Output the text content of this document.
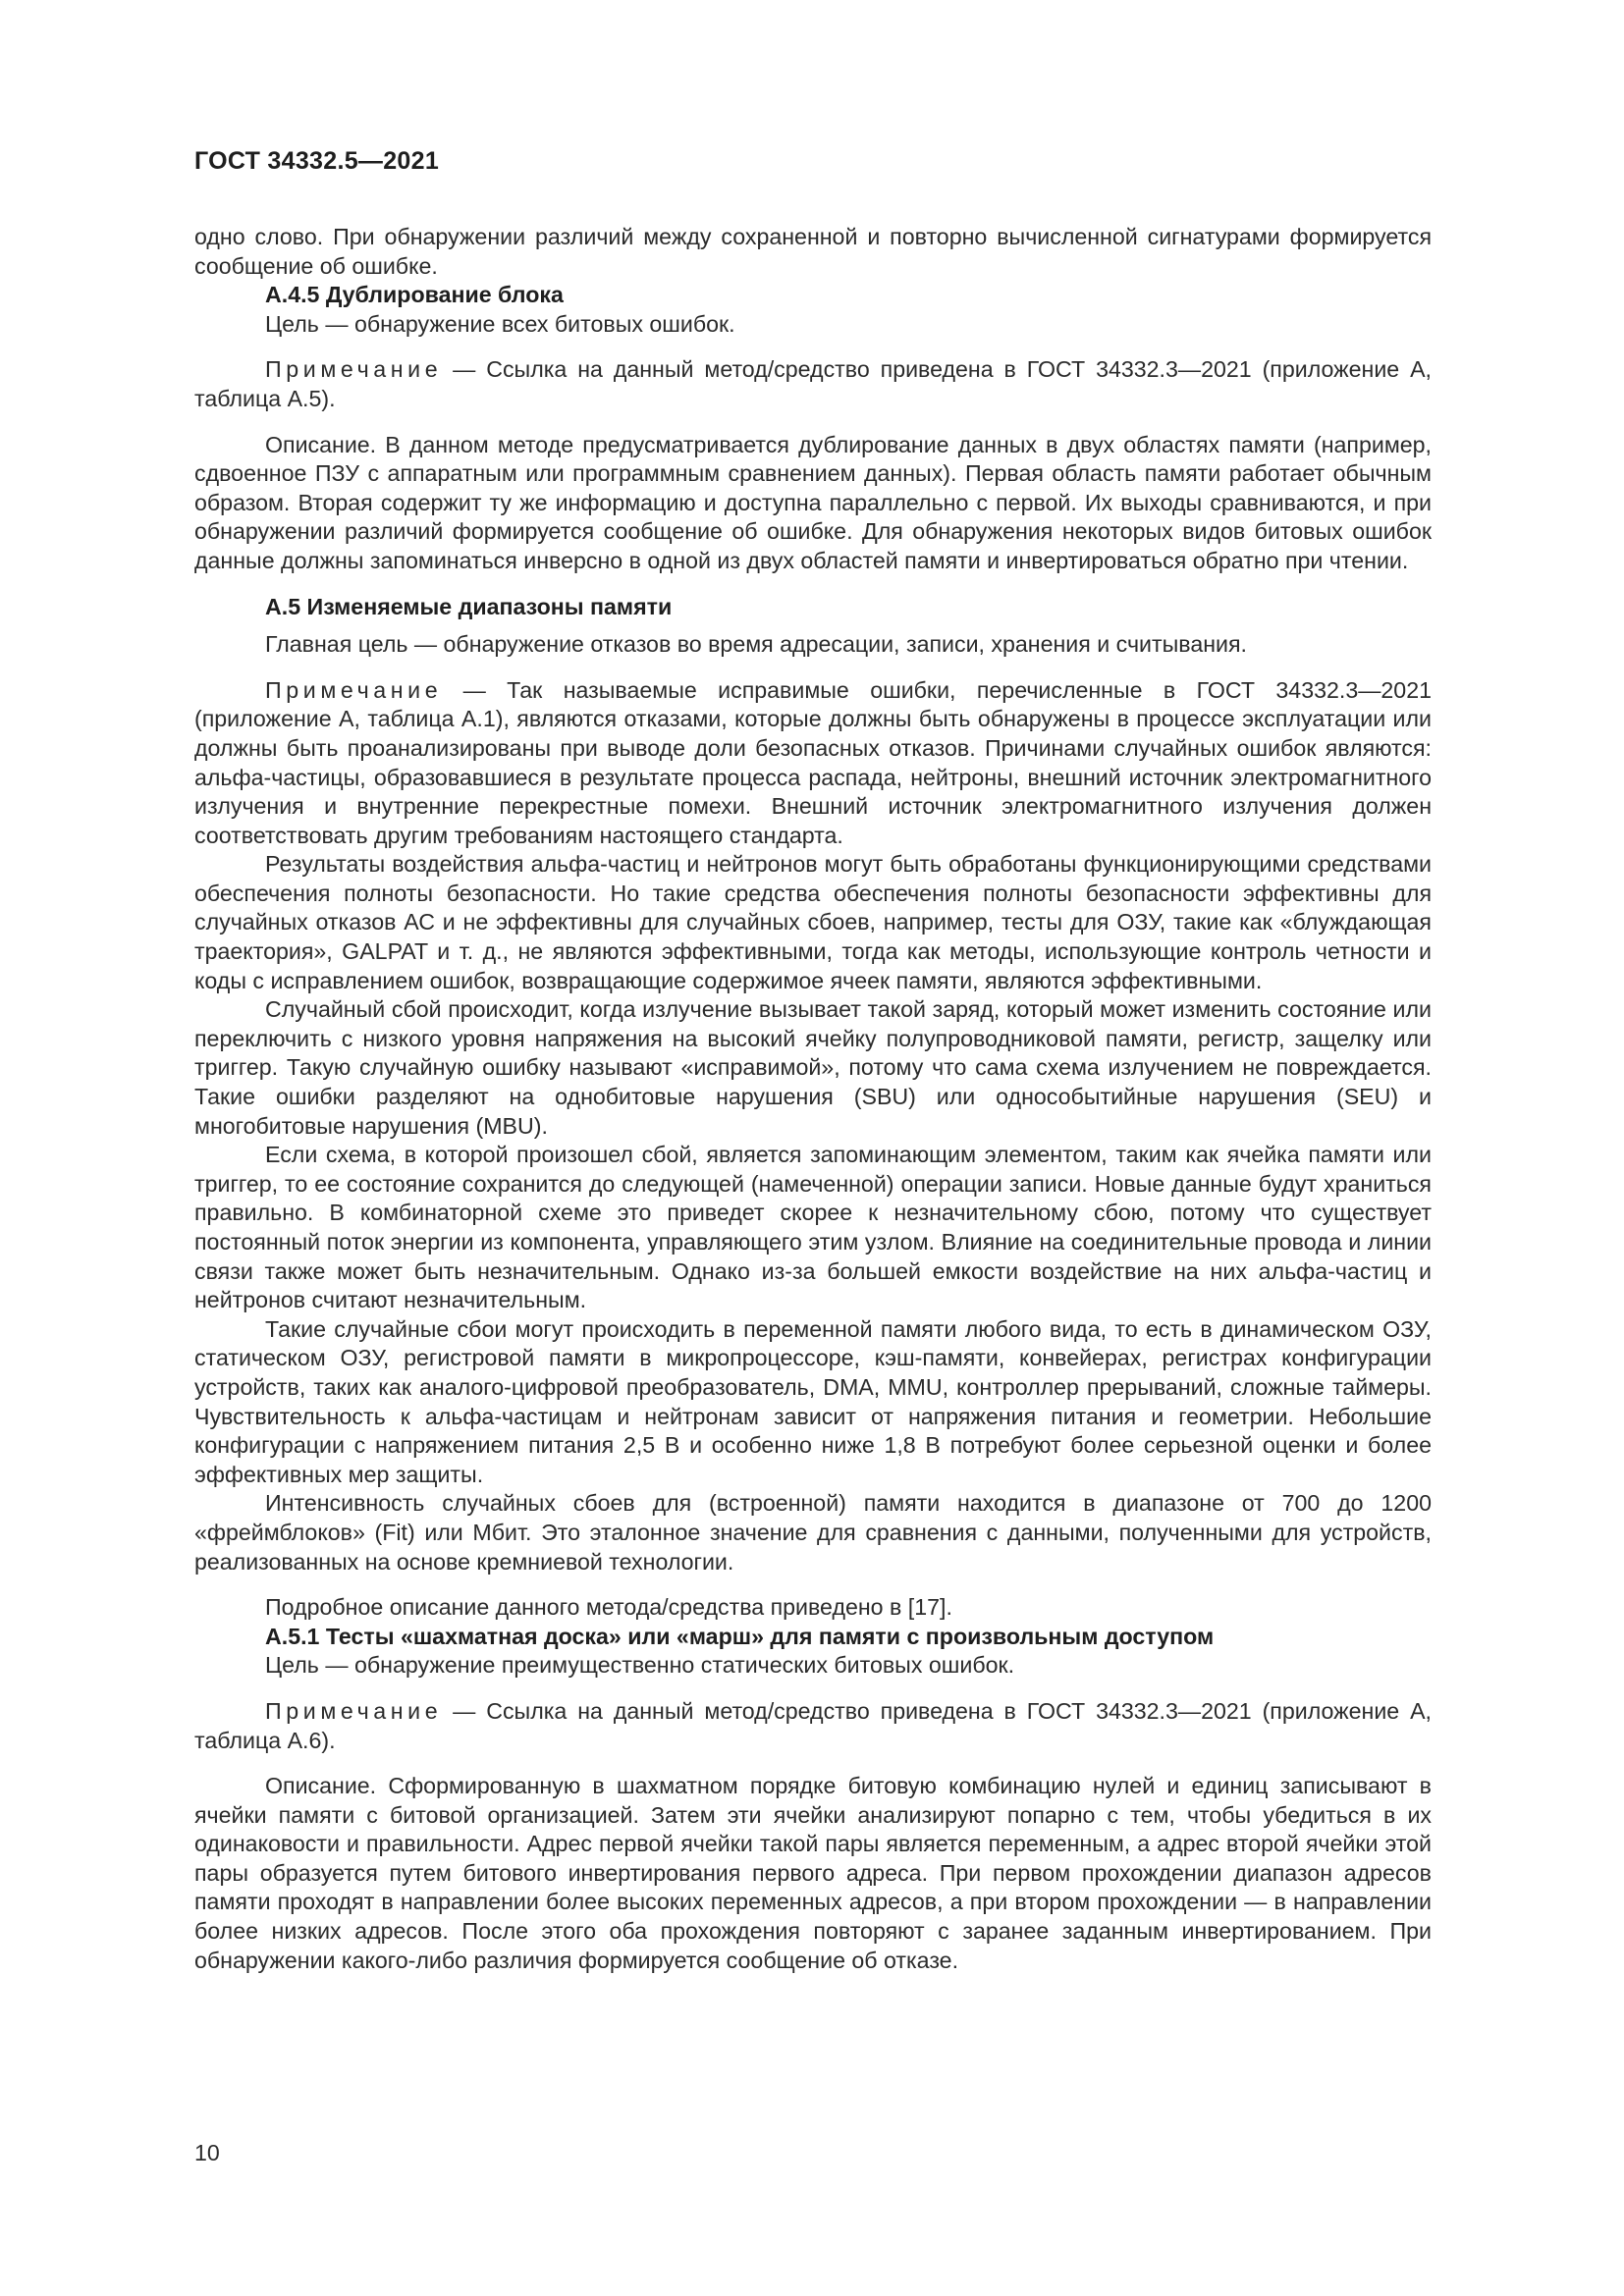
ГОСТ 34332.5—2021

одно слово. При обнаружении различий между сохраненной и повторно вычисленной сигнатурами формируется сообщение об ошибке.

А.4.5 Дублирование блока

Цель — обнаружение всех битовых ошибок.

Примечание — Ссылка на данный метод/средство приведена в ГОСТ 34332.3—2021 (приложение А, таблица А.5).

Описание. В данном методе предусматривается дублирование данных в двух областях памяти (например, сдвоенное ПЗУ с аппаратным или программным сравнением данных). Первая область памяти работает обычным образом. Вторая содержит ту же информацию и доступна параллельно с первой. Их выходы сравниваются, и при обнаружении различий формируется сообщение об ошибке. Для обнаружения некоторых видов битовых ошибок данные должны запоминаться инверсно в одной из двух областей памяти и инвертироваться обратно при чтении.

А.5 Изменяемые диапазоны памяти

Главная цель — обнаружение отказов во время адресации, записи, хранения и считывания.

Примечание — Так называемые исправимые ошибки, перечисленные в ГОСТ 34332.3—2021 (приложение А, таблица А.1), являются отказами, которые должны быть обнаружены в процессе эксплуатации или должны быть проанализированы при выводе доли безопасных отказов. Причинами случайных ошибок являются: альфа-частицы, образовавшиеся в результате процесса распада, нейтроны, внешний источник электромагнитного излучения и внутренние перекрестные помехи. Внешний источник электромагнитного излучения должен соответствовать другим требованиям настоящего стандарта.

Результаты воздействия альфа-частиц и нейтронов могут быть обработаны функционирующими средствами обеспечения полноты безопасности. Но такие средства обеспечения полноты безопасности эффективны для случайных отказов АС и не эффективны для случайных сбоев, например, тесты для ОЗУ, такие как «блуждающая траектория», GALPAT и т. д., не являются эффективными, тогда как методы, использующие контроль четности и коды с исправлением ошибок, возвращающие содержимое ячеек памяти, являются эффективными.

Случайный сбой происходит, когда излучение вызывает такой заряд, который может изменить состояние или переключить с низкого уровня напряжения на высокий ячейку полупроводниковой памяти, регистр, защелку или триггер. Такую случайную ошибку называют «исправимой», потому что сама схема излучением не повреждается. Такие ошибки разделяют на однобитовые нарушения (SBU) или однособытийные нарушения (SEU) и многобитовые нарушения (MBU).

Если схема, в которой произошел сбой, является запоминающим элементом, таким как ячейка памяти или триггер, то ее состояние сохранится до следующей (намеченной) операции записи. Новые данные будут храниться правильно. В комбинаторной схеме это приведет скорее к незначительному сбою, потому что существует постоянный поток энергии из компонента, управляющего этим узлом. Влияние на соединительные провода и линии связи также может быть незначительным. Однако из-за большей емкости воздействие на них альфа-частиц и нейтронов считают незначительным.

Такие случайные сбои могут происходить в переменной памяти любого вида, то есть в динамическом ОЗУ, статическом ОЗУ, регистровой памяти в микропроцессоре, кэш-памяти, конвейерах, регистрах конфигурации устройств, таких как аналого-цифровой преобразователь, DMA, MMU, контроллер прерываний, сложные таймеры. Чувствительность к альфа-частицам и нейтронам зависит от напряжения питания и геометрии. Небольшие конфигурации с напряжением питания 2,5 В и особенно ниже 1,8 В потребуют более серьезной оценки и более эффективных мер защиты.

Интенсивность случайных сбоев для (встроенной) памяти находится в диапазоне от 700 до 1200 «фреймблоков» (Fit) или Мбит. Это эталонное значение для сравнения с данными, полученными для устройств, реализованных на основе кремниевой технологии.

Подробное описание данного метода/средства приведено в [17].

А.5.1 Тесты «шахматная доска» или «марш» для памяти с произвольным доступом

Цель — обнаружение преимущественно статических битовых ошибок.

Примечание — Ссылка на данный метод/средство приведена в ГОСТ 34332.3—2021 (приложение А, таблица А.6).

Описание. Сформированную в шахматном порядке битовую комбинацию нулей и единиц записывают в ячейки памяти с битовой организацией. Затем эти ячейки анализируют попарно с тем, чтобы убедиться в их одинаковости и правильности. Адрес первой ячейки такой пары является переменным, а адрес второй ячейки этой пары образуется путем битового инвертирования первого адреса. При первом прохождении диапазон адресов памяти проходят в направлении более высоких переменных адресов, а при втором прохождении — в направлении более низких адресов. После этого оба прохождения повторяют с заранее заданным инвертированием. При обнаружении какого-либо различия формируется сообщение об отказе.

10
